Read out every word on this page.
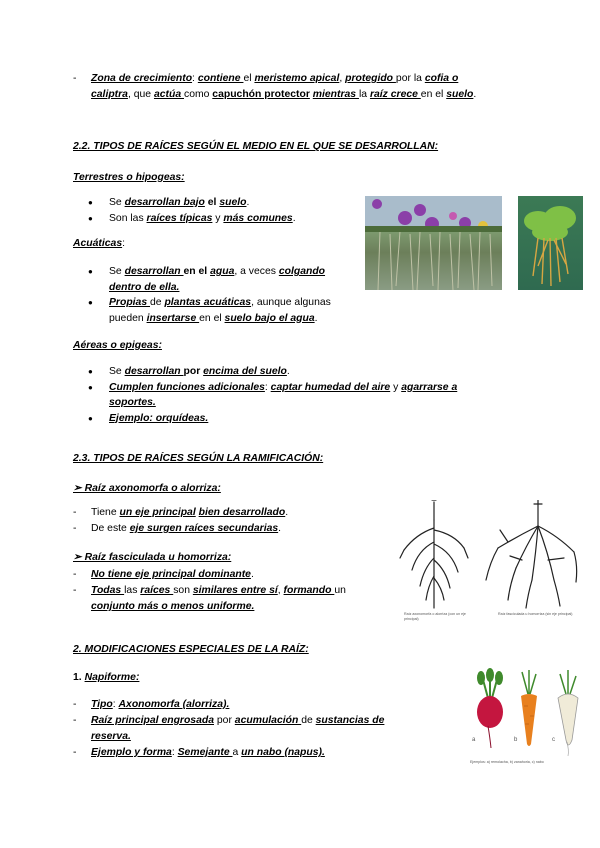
- Zona de crecimiento: contiene el meristemo apical, protegido por la cofia o
caliptra, que actúa como capuchón protector mientras la raíz crece en el suelo.
2.2. TIPOS DE RAÍCES SEGÚN EL MEDIO EN EL QUE SE DESARROLLAN:
Terrestres o hipogeas:
● Se desarrollan bajo el suelo.
● Son las raíces típicas y más comunes.
Acuáticas:
● Se desarrollan en el agua, a veces colgando
dentro de ella.
● Propias de plantas acuáticas, aunque algunas
pueden insertarse en el suelo bajo el agua.
Aéreas o epigeas:
● Se desarrollan por encima del suelo.
● Cumplen funciones adicionales: captar humedad del aire y agarrarse a
soportes.
● Ejemplo: orquídeas.
2.3. TIPOS DE RAÍCES SEGÚN LA RAMIFICACIÓN:
➢ Raíz axonomorfa o alorriza:
- Tiene un eje principal bien desarrollado.
- De este eje surgen raíces secundarias.
➢ Raíz fasciculada u homorriza:
- No tiene eje principal dominante.
- Todas las raíces son similares entre sí, formando un
conjunto más o menos uniforme.
Raíz axonomorfa o alorriza (con un eje principal)
Raíz fasciculada u homorriza (sin eje principal)
2. MODIFICACIONES ESPECIALES DE LA RAÍZ:
1. Napiforme:
- Tipo: Axonomorfa (alorriza).
- Raíz principal engrosada por acumulación de sustancias de
reserva.
- Ejemplo y forma: Semejante a un nabo (napus).
a	b	c
Ejemplos: a) remolacha, b) zanahoria, c) nabo
